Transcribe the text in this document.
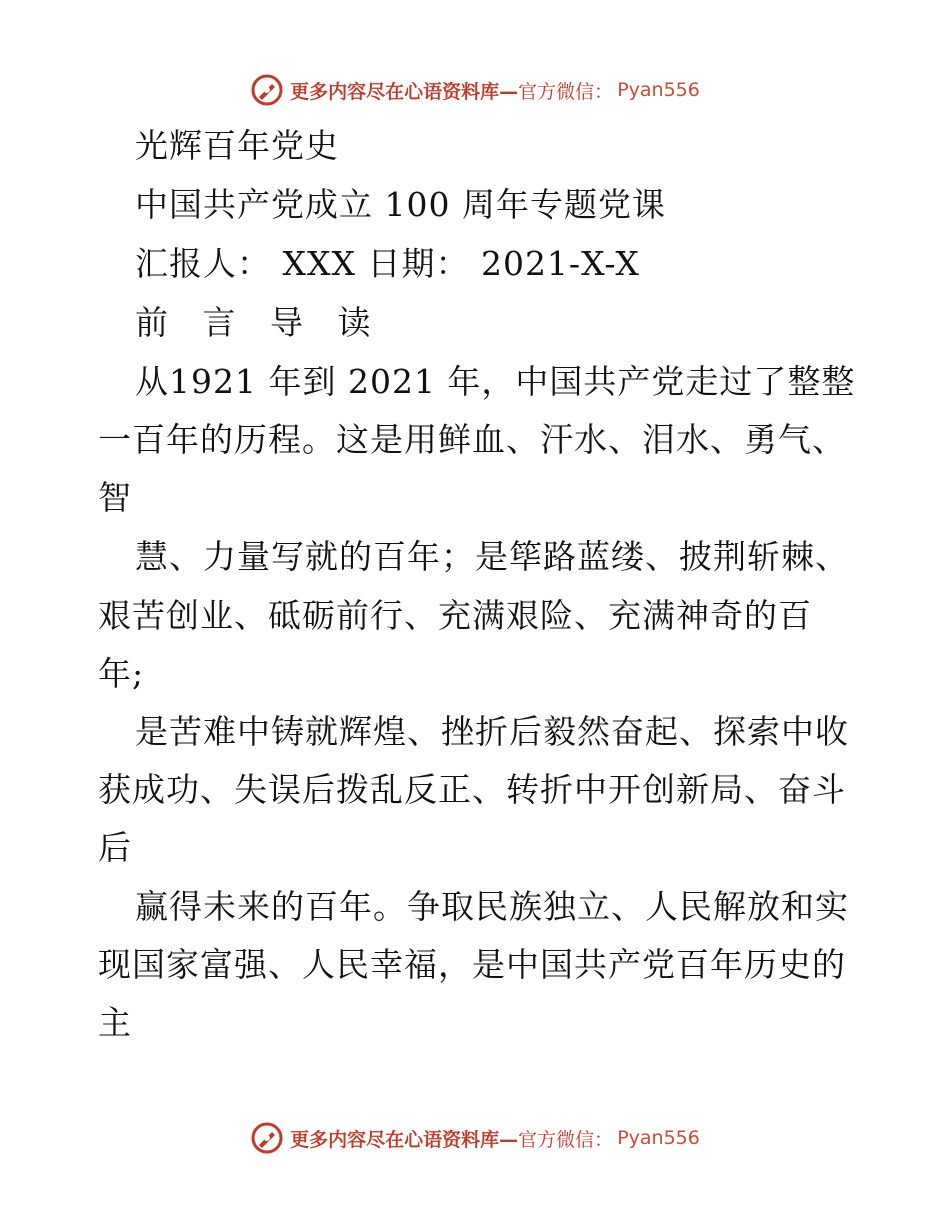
更多内容尽在心语资料库— 官方微信： Pyan556
光辉百年党史
中国共产党成立 100 周年专题党课
汇报人： XXX 日期： 2021-X-X
前 言 导 读
从1921 年到 2021 年，中国共产党走过了整整
一百年的历程。这是用鲜血、汗水、泪水、勇气、
智
慧、力量写就的百年；是筚路蓝缕、披荆斩棘、
艰苦创业、砥砺前行、充满艰险、充满神奇的百
年;
是苦难中铸就辉煌、挫折后毅然奋起、探索中收
获成功、失误后拨乱反正、转折中开创新局、奋斗
后
赢得未来的百年。争取民族独立、人民解放和实
现国家富强、人民幸福，是中国共产党百年历史的
主
更多内容尽在心语资料库— 官方微信： Pyan556
